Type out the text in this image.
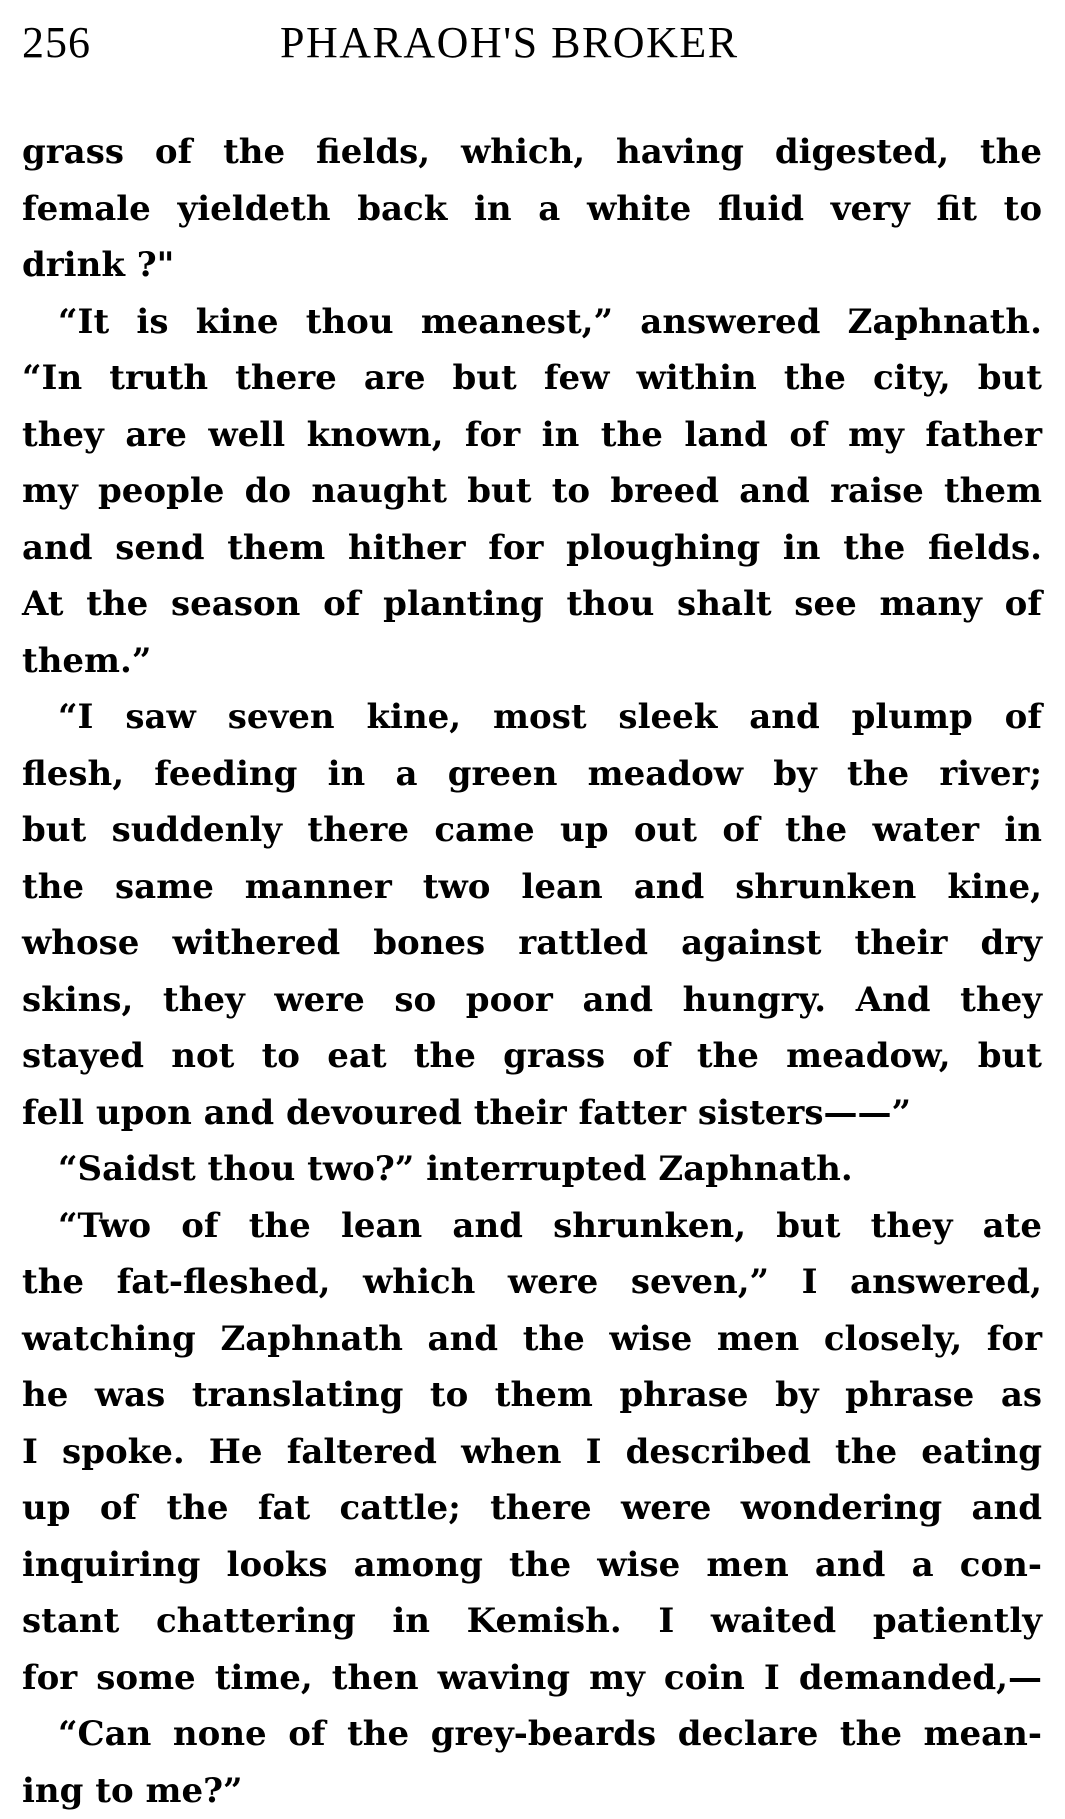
256	PHARAOH'S BROKER
grass of the fields, which, having digested, the
female yieldeth back in a white fluid very fit to
drink ?"
“It is kine thou meanest,” answered Zaphnath.
“In truth there are but few within the city, but
they are well known, for in the land of my father
my people do naught but to breed and raise them
and send them hither for ploughing in the fields.
At the season of planting thou shalt see many of
them.”
“I saw seven kine, most sleek and plump of
flesh, feeding in a green meadow by the river;
but suddenly there came up out of the water in
the same manner two lean and shrunken kine,
whose withered bones rattled against their dry
skins, they were so poor and hungry. And they
stayed not to eat the grass of the meadow, but
fell upon and devoured their fatter sisters——”
“Saidst thou two?” interrupted Zaphnath.
“Two of the lean and shrunken, but they ate
the fat-fleshed, which were seven,” I answered,
watching Zaphnath and the wise men closely, for
he was translating to them phrase by phrase as
I spoke. He faltered when I described the eating
up of the fat cattle; there were wondering and
inquiring looks among the wise men and a con-
stant chattering in Kemish. I waited patiently
for some time, then waving my coin I demanded,—
“Can none of the grey-beards declare the mean-
ing to me?”
